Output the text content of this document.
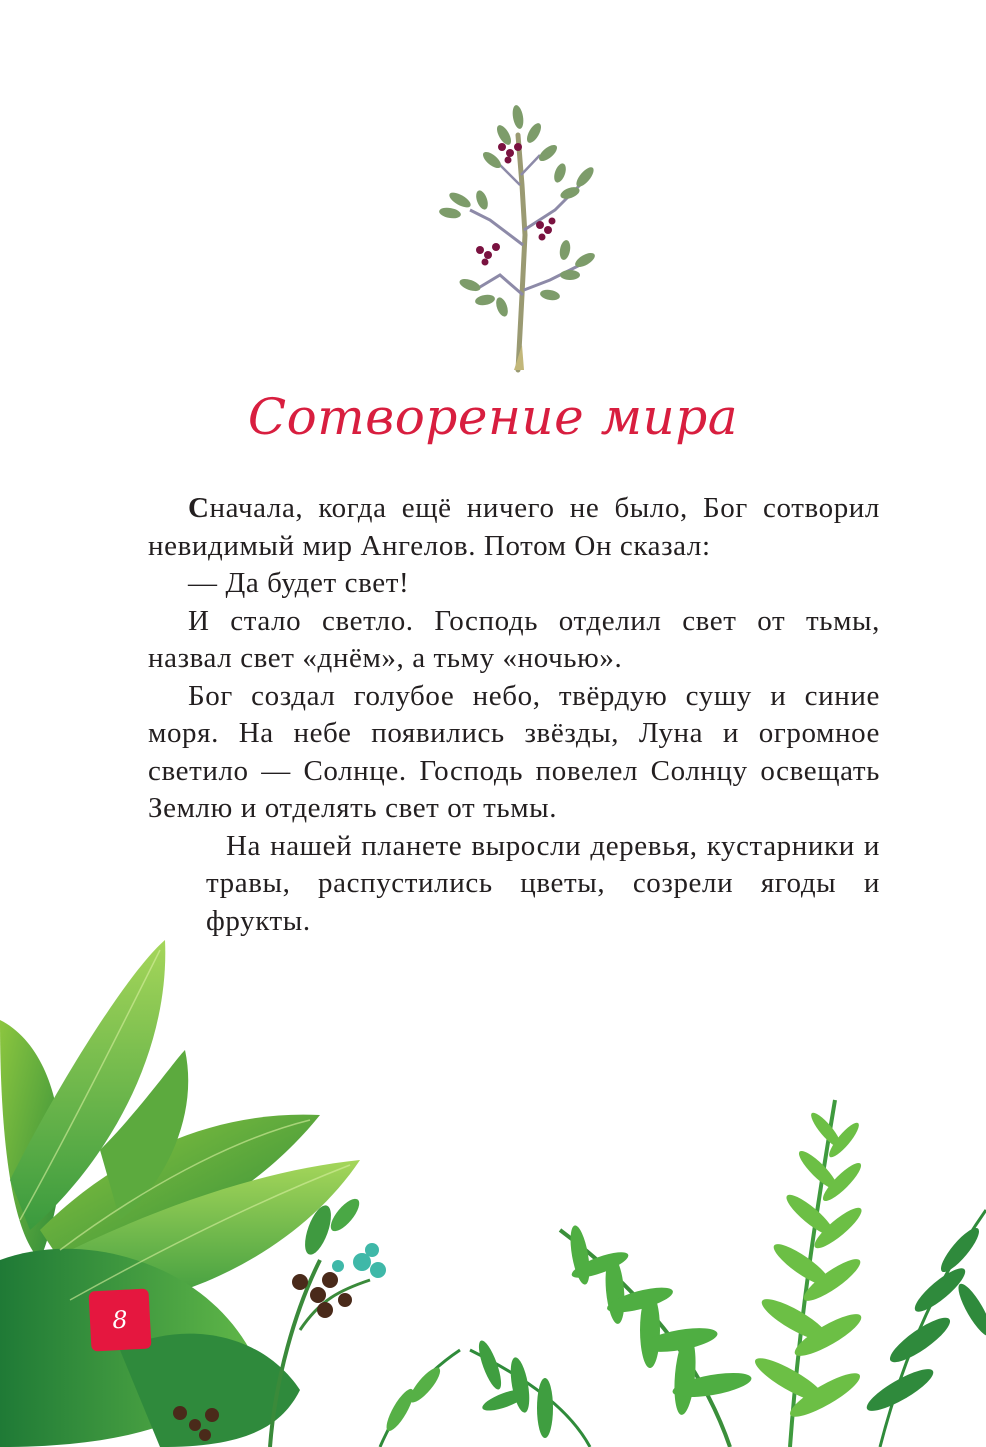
Сотворение мира

Сначала, когда ещё ничего не было, Бог сотворил невидимый мир Ангелов. Потом Он сказал:

— Да будет свет!

И стало светло. Господь отделил свет от тьмы, назвал свет «днём», а тьму «ночью».

Бог создал голубое небо, твёрдую сушу и синие моря. На небе появились звёзды, Луна и огромное светило — Солнце. Господь повелел Солнцу освещать Землю и отделять свет от тьмы.

На нашей планете выросли деревья, кустарники и травы, распустились цветы, созрели ягоды и фрукты.

8
